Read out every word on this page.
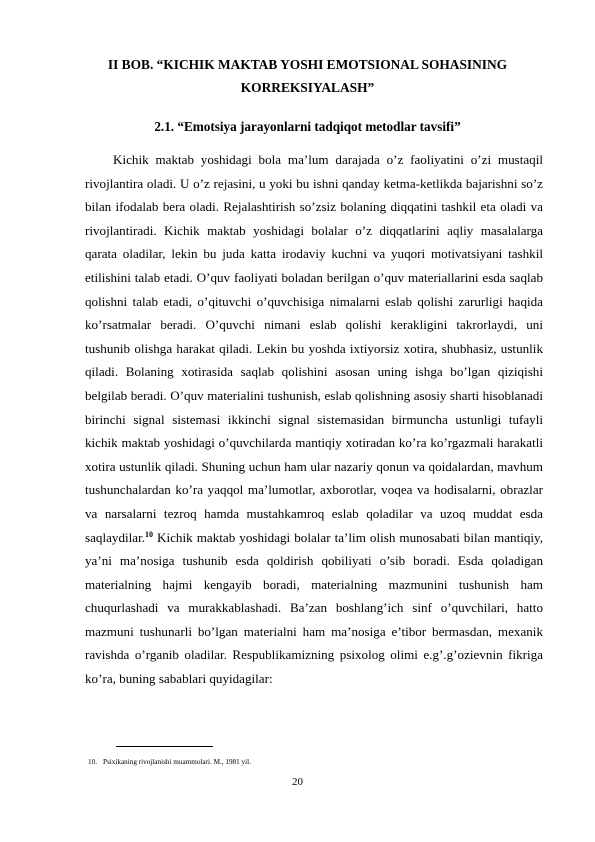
II BOB. “KICHIK MAKTAB YOSHI EMOTSIONAL SOHASINING KORREKSIYALASH”
2.1. “Emotsiya jarayonlarni tadqiqot metodlar tavsifi”

Kichik maktab yoshidagi bola ma’lum darajada o’z faoliyatini o’zi mustaqil rivojlantira oladi. U o’z rejasini, u yoki bu ishni qanday ketma-ketlikda bajarishni so’z bilan ifodalab bera oladi. Rejalashtirish so’zsiz bolaning diqqatini tashkil eta oladi va rivojlantiradi. Kichik maktab yoshidagi bolalar o’z diqqatlarini aqliy masalalarga qarata oladilar, lekin bu juda katta irodaviy kuchni va yuqori motivatsiyani tashkil etilishini talab etadi. O’quv faoliyati boladan berilgan o’quv materiallarini esda saqlab qolishni talab etadi, o’qituvchi o’quvchisiga nimalarni eslab qolishi zarurligi haqida ko’rsatmalar beradi. O’quvchi nimani eslab qolishi kerakligini takrorlaydi, uni tushunib olishga harakat qiladi. Lekin bu yoshda ixtiyorsiz xotira, shubhasiz, ustunlik qiladi. Bolaning xotirasida saqlab qolishini asosan uning ishga bo’lgan qiziqishi belgilab beradi. O’quv materialini tushunish, eslab qolishning asosiy sharti hisoblanadi birinchi signal sistemasi ikkinchi signal sistemasidan birmuncha ustunligi tufayli kichik maktab yoshidagi o’quvchilarda mantiqiy xotiradan ko’ra ko’rgazmali harakatli xotira ustunlik qiladi. Shuning uchun ham ular nazariy qonun va qoidalardan, mavhum tushunchalardan ko’ra yaqqol ma’lumotlar, axborotlar, voqea va hodisalarni, obrazlar va narsalarni tezroq hamda mustahkamroq eslab qoladilar va uzoq muddat esda saqlaydilar.$^{10}$ Kichik maktab yoshidagi bolalar ta’lim olish munosabati bilan mantiqiy, ya’ni ma’nosiga tushunib esda qoldirish qobiliyati o’sib boradi. Esda qoladigan materialning hajmi kengayib boradi, materialning mazmunini tushunish ham chuqurlashadi va murakkablashadi. Ba’zan boshlang’ich sinf o’quvchilari, hatto mazmuni tushunarli bo’lgan materialni ham ma’nosiga e’tibor bermasdan, mexanik ravishda o’rganib oladilar. Respublikamizning psixolog olimi e.g’.g’ozievnin fikriga ko’ra, buning sabablari quyidagilar:

10. Psixikaning rivojlanishi muammolari. M., 1981 yil.
20
